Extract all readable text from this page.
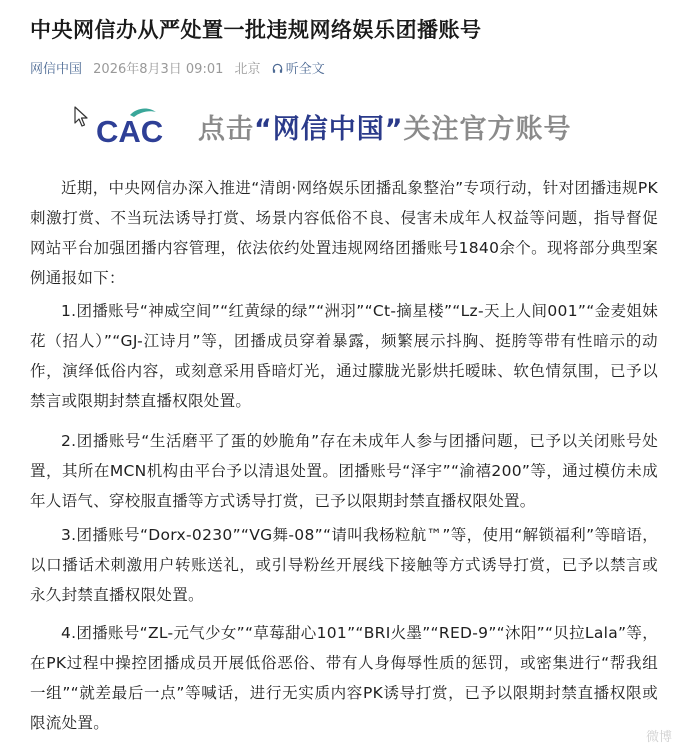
中央网信办从严处置一批违规网络娱乐团播账号
网信中国 2026年8月3日 09:01 北京 听全文
CAC 点击“网信中国”关注官方账号

近期，中央网信办深入推进“清朗·网络娱乐团播乱象整治”专项行动，针对团播违规PK刺激打赏、不当玩法诱导打赏、场景内容低俗不良、侵害未成年人权益等问题，指导督促网站平台加强团播内容管理，依法依约处置违规网络团播账号1840余个。现将部分典型案例通报如下：

1.团播账号“神威空间”“红黄绿的绿”“洲羽”“Ct-摘星楼”“Lz-天上人间001”“金麦姐妹花（招人）”“GJ-江诗月”等，团播成员穿着暴露，频繁展示抖胸、挺胯等带有性暗示的动作，演绎低俗内容，或刻意采用昏暗灯光，通过朦胧光影烘托暧昧、软色情氛围，已予以禁言或限期封禁直播权限处置。

2.团播账号“生活磨平了蛋的妙脆角”存在未成年人参与团播问题，已予以关闭账号处置，其所在MCN机构由平台予以清退处置。团播账号“泽宇”“渝禧200”等，通过模仿未成年人语气、穿校服直播等方式诱导打赏，已予以限期封禁直播权限处置。

3.团播账号“Dorx-0230”“VG舞-08”“请叫我杨粒航™”等，使用“解锁福利”等暗语，以口播话术刺激用户转账送礼，或引导粉丝开展线下接触等方式诱导打赏，已予以禁言或永久封禁直播权限处置。

4.团播账号“ZL-元气少女”“草莓甜心101”“BRI火墨”“RED-9”“沐阳”“贝拉Lala”等，在PK过程中操控团播成员开展低俗恶俗、带有人身侮辱性质的惩罚，或密集进行“帮我组一组”“就差最后一点”等喊话，进行无实质内容PK诱导打赏，已予以限期封禁直播权限或限流处置。

微博
